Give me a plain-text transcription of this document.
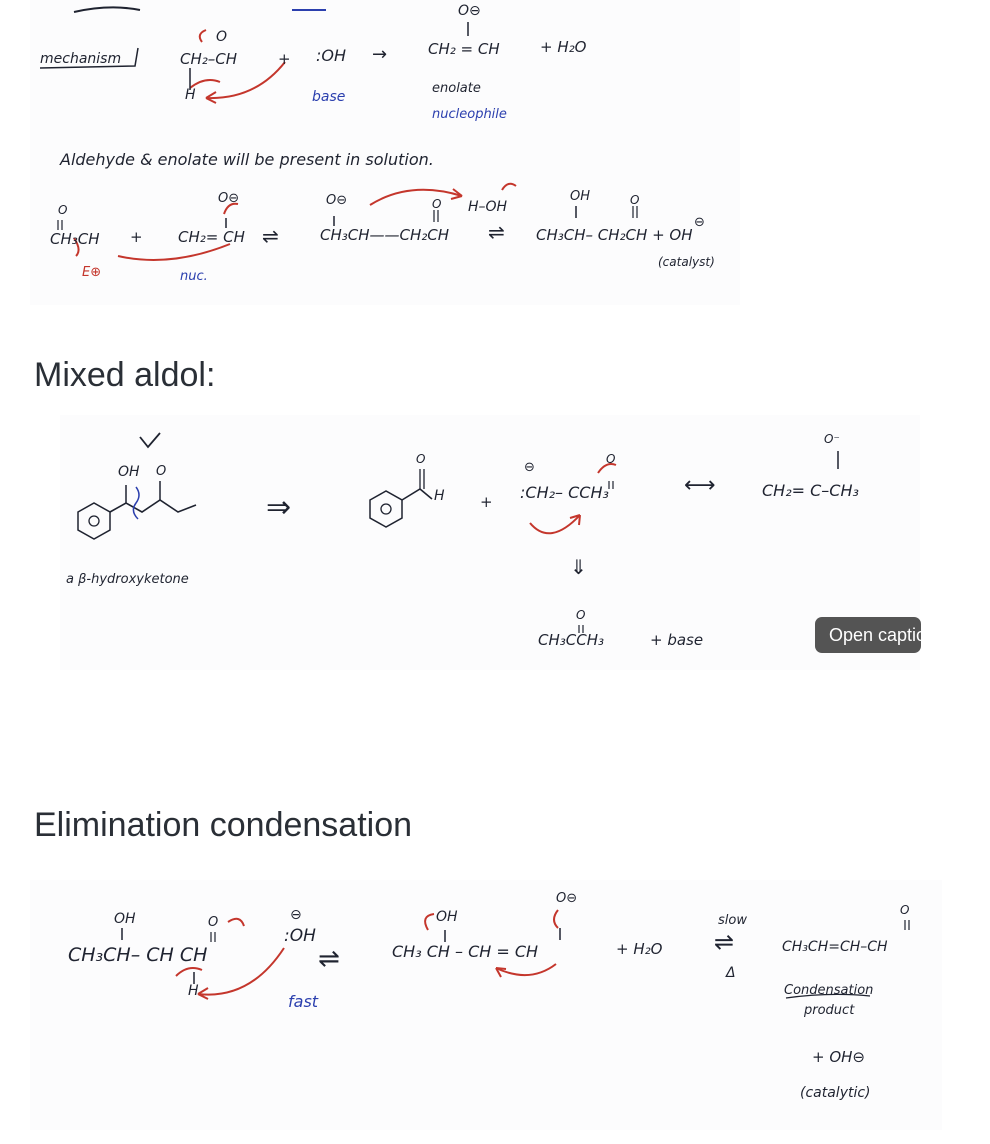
mechanism
O
CH₂–CH
H
+ :OH →
O⊖
CH₂ = CH	+ H₂O
base
enolate
nucleophile
Aldehyde & enolate will be present in solution.
O
CH₃CH
E⊕
+
O⊖
CH₂= CH
nuc.
⇌
O⊖	O
CH₃CH——CH₂CH
H–OH
⇌
OH	O
⊖
CH₃CH– CH₂CH + OH
(catalyst)
Mixed aldol:
OH O
a β-hydroxyketone
⇒
O
H +
⊖
O
:CH₂– CCH₃	⟷
O⁻
CH₂= C–CH₃
⇓
O
CH₃CCH₃	+ base	Open captions
Elimination condensation
OH	O
CH₃CH– CH CH
H
⊖
:OH
⇌
fast
OH
O⊖
CH₃ CH – CH = CH	+ H₂O
slow
⇌
Δ
O
CH₃CH=CH–CH
Condensation
product
+ OH⊖
(catalytic)
